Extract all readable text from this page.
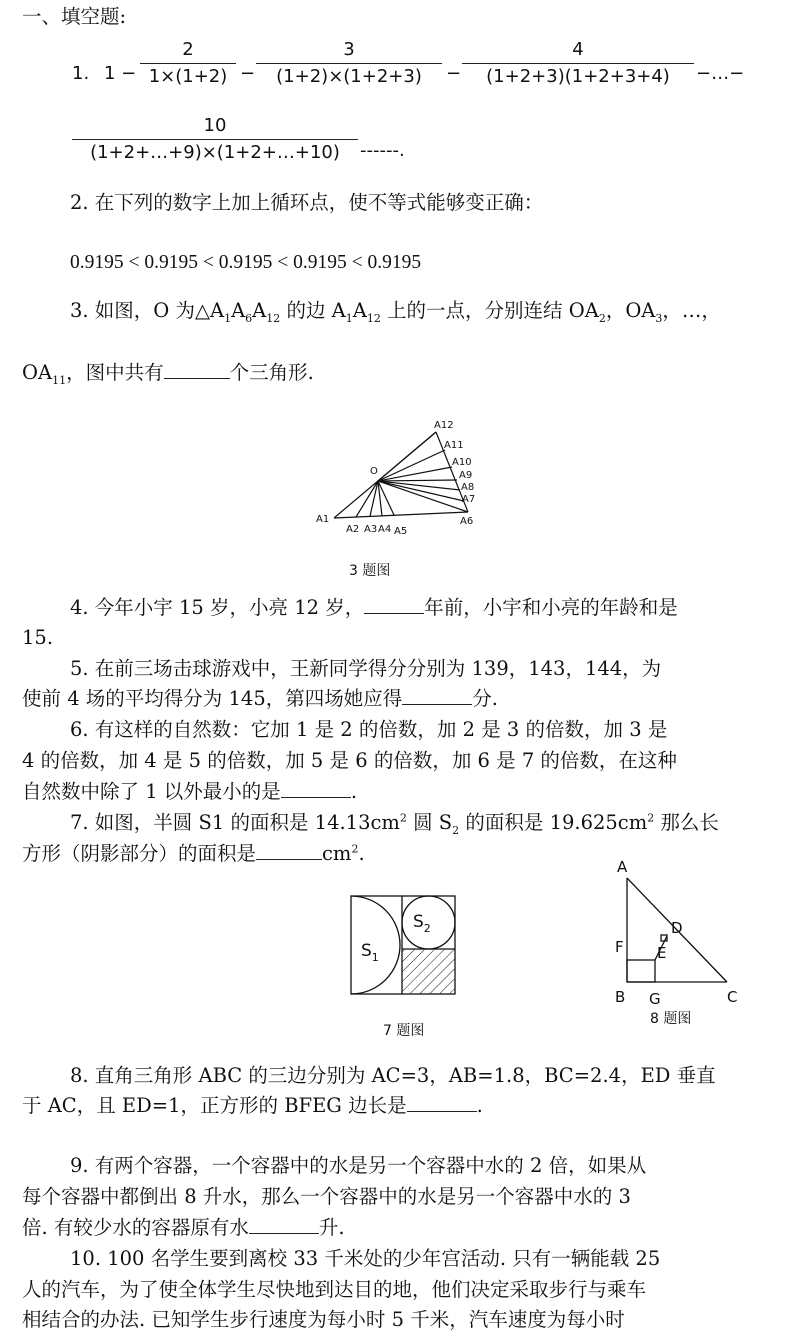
一、填空题:
1. 1 −
2
1×(1+2) −
3
(1+2)×(1+2+3)	−
4
(1+2+3)(1+2+3+4)	−…−
10
(1+2+…+9)×(1+2+…+10)	------.
2. 在下列的数字上加上循环点，使不等式能够变正确：
0.9195 < 0.9195 < 0.9195 < 0.9195 < 0.9195
3. 如图，O 为$\triangle A_1A_6A_{12}$ 的边 $A_1A_{12}$ 上的一点，分别连结 $OA_2$，$OA_3$，…，
$OA_{11}$，图中共有	个三角形.
A12
A11
A10
A9
A8
A7
A6
O
A1
A2 A3 A4 A5
3 题图
4. 今年小宇 15 岁，小亮 12 岁，	年前，小宇和小亮的年龄和是
15.
5. 在前三场击球游戏中，王新同学得分分别为 139，143，144，为
使前 4 场的平均得分为 145，第四场她应得	分.
6. 有这样的自然数：它加 1 是 2 的倍数，加 2 是 3 的倍数，加 3 是
4 的倍数，加 4 是 5 的倍数，加 5 是 6 的倍数，加 6 是 7 的倍数，在这种
自然数中除了 1 以外最小的是	.
7. 如图，半圆 S1 的面积是 $14.13cm^2$ 圆 $S_2$ 的面积是 $19.625cm^2$ 那么长
方形（阴影部分）的面积是	$cm^2$.
$S_1$
$S_2$
7 题图
A
D
F E
B G	C
8 题图
8. 直角三角形 ABC 的三边分别为 AC=3，AB=1.8，BC=2.4，ED 垂直
于 AC，且 ED=1，正方形的 BFEG 边长是	.
9. 有两个容器，一个容器中的水是另一个容器中水的 2 倍，如果从
每个容器中都倒出 8 升水，那么一个容器中的水是另一个容器中水的 3
倍. 有较少水的容器原有水	升.
10. 100 名学生要到离校 33 千米处的少年宫活动. 只有一辆能载 25
人的汽车，为了使全体学生尽快地到达目的地，他们决定采取步行与乘车
相结合的办法. 已知学生步行速度为每小时 5 千米，汽车速度为每小时
